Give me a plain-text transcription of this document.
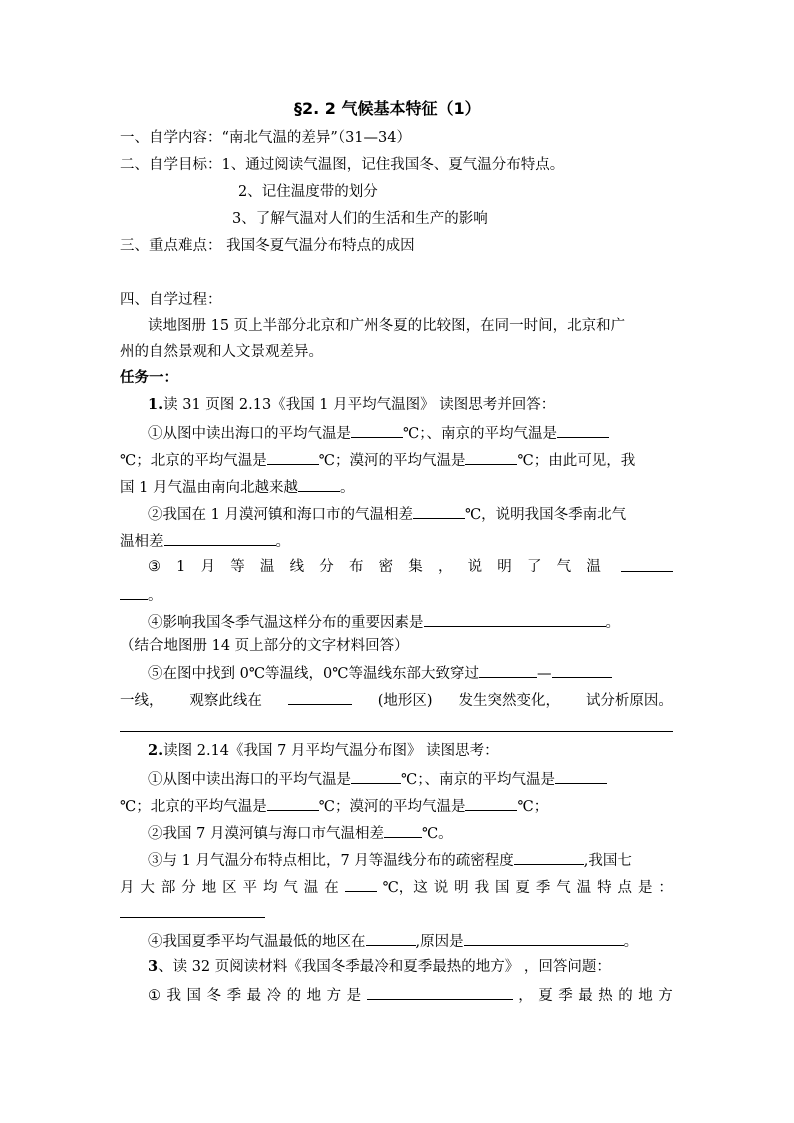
§2. 2 气候基本特征（1）
一、自学内容：“南北气温的差异”（31—34）
二、自学目标：1、通过阅读气温图，记住我国冬、夏气温分布特点。
2、记住温度带的划分
3、了解气温对人们的生活和生产的影响
三、重点难点： 我国冬夏气温分布特点的成因
四、自学过程：
读地图册 15 页上半部分北京和广州冬夏的比较图，在同一时间，北京和广
州的自然景观和人文景观差异。
任务一：
1.读 31 页图 2.13《我国 1 月平均气温图》 读图思考并回答：
①从图中读出海口的平均气温是	℃；、南京的平均气温是
℃；北京的平均气温是	℃；漠河的平均气温是	℃；由此可见，我
国 1 月气温由南向北越来越	。
②我国在 1 月漠河镇和海口市的气温相差	℃，说明我国冬季南北气
温相差	。
③ 1 月 等 温 线 分 布 密 集 ， 说 明 了 气 温
。
④影响我国冬季气温这样分布的重要因素是	。
（结合地图册 14 页上部分的文字材料回答）
⑤在图中找到 0℃等温线，0℃等温线东部大致穿过	—
一线， 观察此线在	(地形区) 发生突然变化， 试分析原因。
2.读图 2.14《我国 7 月平均气温分布图》 读图思考：
①从图中读出海口的平均气温是	℃；、南京的平均气温是
℃；北京的平均气温是	℃；漠河的平均气温是	℃；
②我国 7 月漠河镇与海口市气温相差	℃。
③与 1 月气温分布特点相比，7 月等温线分布的疏密程度	,我国七
月 大 部 分 地 区 平 均 气 温 在	℃，这 说 明 我 国 夏 季 气 温 特 点 是 ：
④我国夏季平均气温最低的地区在	,原因是	。
3、读 32 页阅读材料《我国冬季最冷和夏季最热的地方》 ，回答问题：
① 我 国 冬 季 最 冷 的 地 方 是	， 夏 季 最 热 的 地 方
